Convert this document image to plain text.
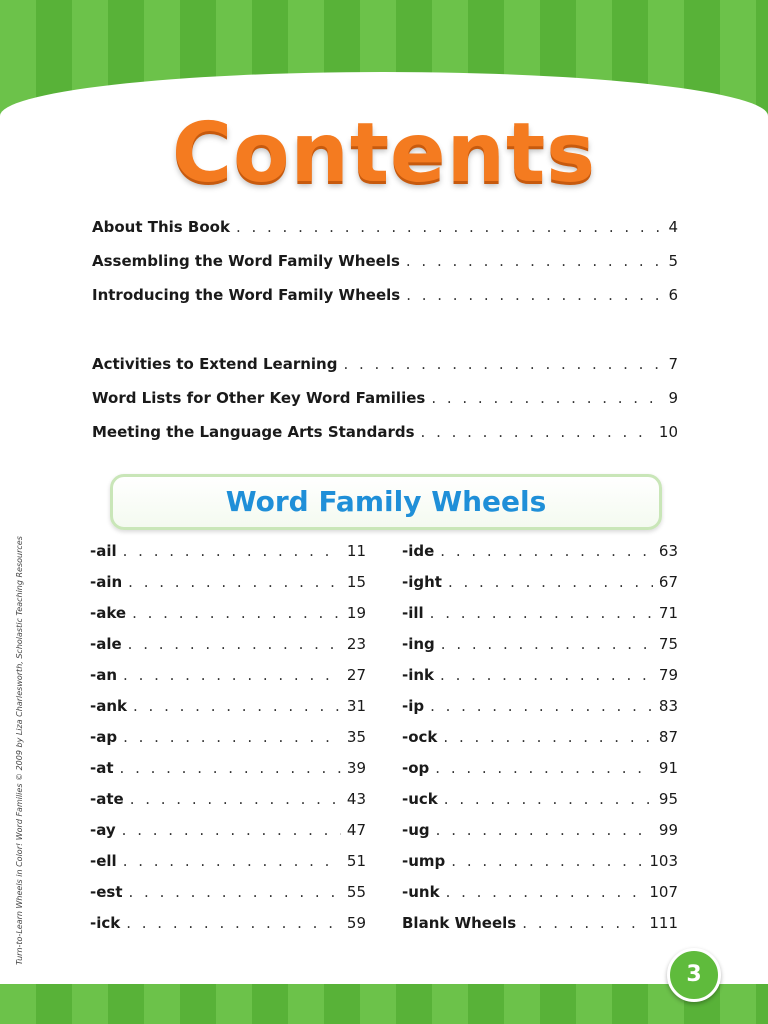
Contents
About This Book . . .	4
Assembling the Word Family Wheels . . .	5
Introducing the Word Family Wheels . . .	6
Activities to Extend Learning . . .	7
Word Lists for Other Key Word Families . . .	9
Meeting the Language Arts Standards . . .	10
Word Family Wheels
-ail . . .	11
-ain . . .	15
-ake . . .	19
-ale . . .	23
-an . . .	27
-ank . . .	31
-ap . . .	35
-at . . .	39
-ate . . .	43
-ay . . .	47
-ell . . .	51
-est . . .	55
-ick . . .	59
-ide . . .	63
-ight . . .	67
-ill . . .	71
-ing . . .	75
-ink . . .	79
-ip . . .	83
-ock . . .	87
-op . . .	91
-uck . . .	95
-ug . . .	99
-ump . . .	103
-unk . . .	107
Blank Wheels . . .	111
Turn-to-Learn Wheels in Color! Word Families © 2009 by Liza Charlesworth, Scholastic Teaching Resources
3
